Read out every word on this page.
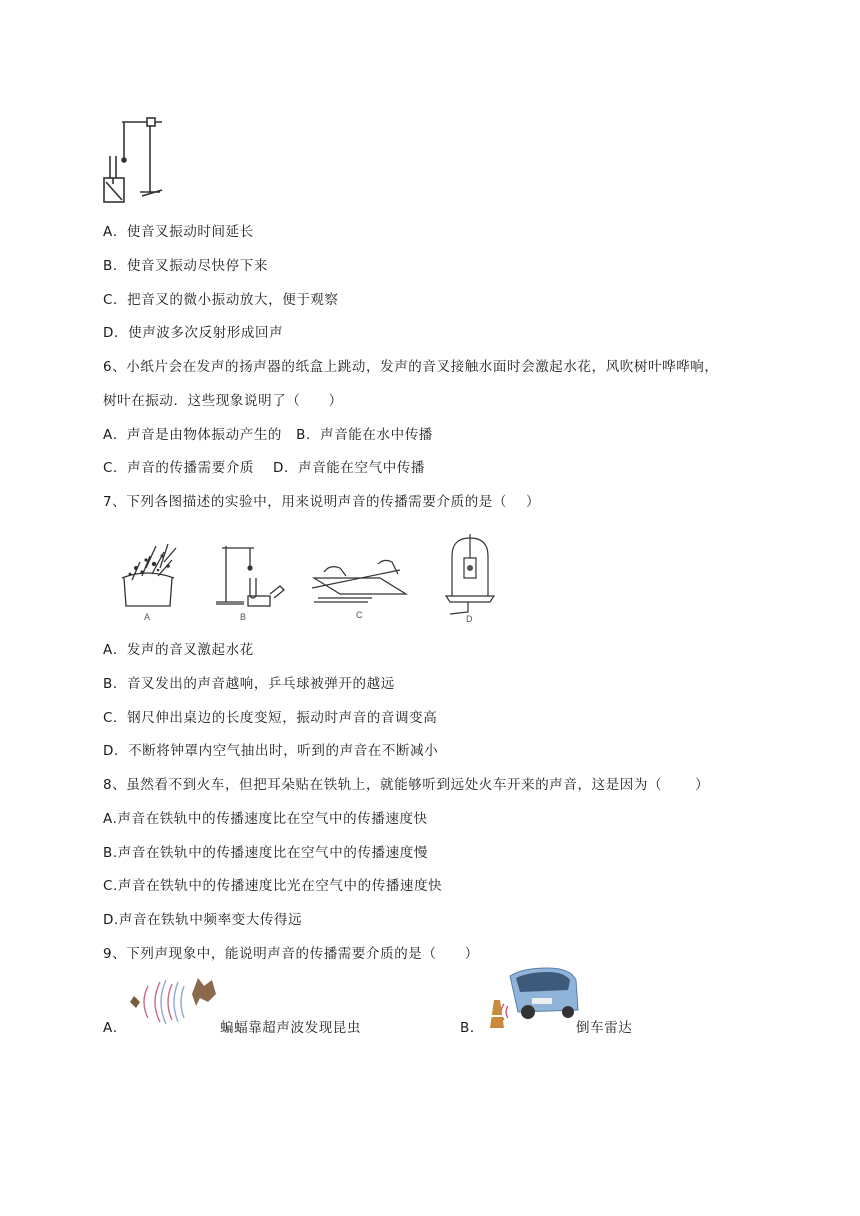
A．使音叉振动时间延长
B．使音叉振动尽快停下来
C．把音叉的微小振动放大，便于观察
D．使声波多次反射形成回声
6、小纸片会在发声的扬声器的纸盒上跳动，发声的音叉接触水面时会激起水花，风吹树叶哗哗响，
树叶在振动．这些现象说明了（　　）
A．声音是由物体振动产生的　B．声音能在水中传播
C．声音的传播需要介质　 D．声音能在空气中传播
7、下列各图描述的实验中，用来说明声音的传播需要介质的是（　 ）
A	B	C	D
A．发声的音叉激起水花
B．音叉发出的声音越响，乒乓球被弹开的越远
C．钢尺伸出桌边的长度变短，振动时声音的音调变高
D．不断将钟罩内空气抽出时，听到的声音在不断减小
8、虽然看不到火车，但把耳朵贴在铁轨上，就能够听到远处火车开来的声音，这是因为（　　 ）
A.声音在铁轨中的传播速度比在空气中的传播速度快
B.声音在铁轨中的传播速度比在空气中的传播速度慢
C.声音在铁轨中的传播速度比光在空气中的传播速度快
D.声音在铁轨中频率变大传得远
9、下列声现象中，能说明声音的传播需要介质的是（　　）
A．	蝙蝠靠超声波发现昆虫	B．	倒车雷达
